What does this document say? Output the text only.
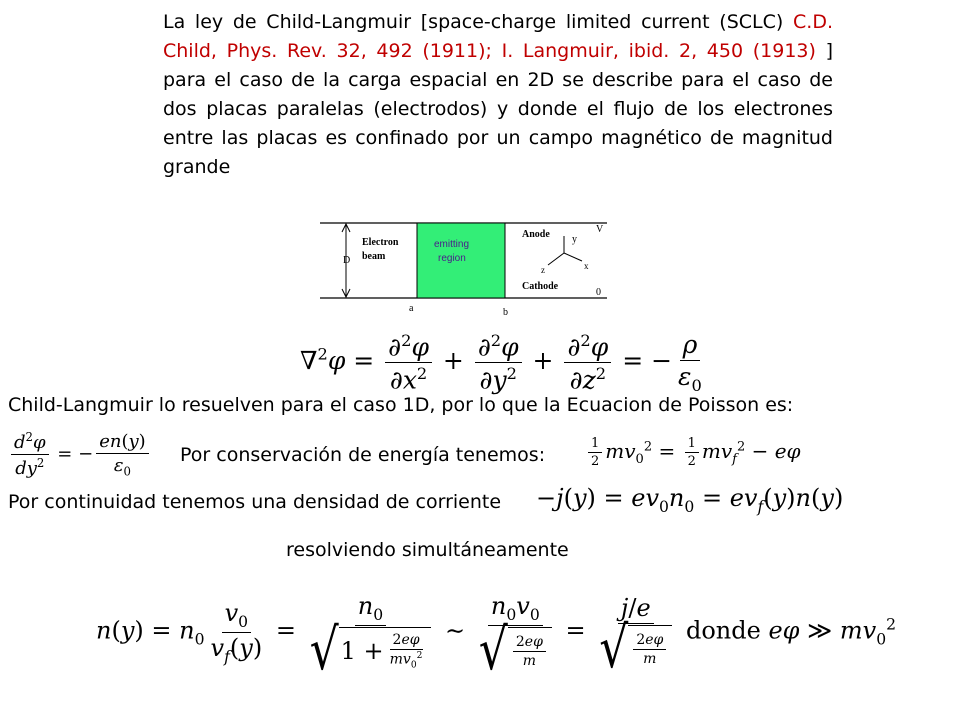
La ley de Child-Langmuir [space-charge limited current (SCLC) C.D. Child, Phys. Rev. 32, 492 (1911); I. Langmuir, ibid. 2, 450 (1913) ] para el caso de la carga espacial en 2D se describe para el caso de dos placas paralelas (electrodos) y donde el flujo de los electrones entre las placas es confinado por un campo magnético de magnitud grande
D
Electron
beam
emitting
region
Anode
Cathode
V
0
a	b
y
x
z
$\nabla^2\varphi = \frac{\partial^2\varphi}{\partial x^2} + \frac{\partial^2\varphi}{\partial y^2} + \frac{\partial^2\varphi}{\partial z^2}$ = − $\frac{\rho}{\varepsilon_0}$
Child-Langmuir lo resuelven para el caso 1D, por lo que la Ecuacion de Poisson es:
$\frac{d^2\varphi}{dy^2}$ = − $\frac{en(y)}{\varepsilon_0}$ Por conservación de energía tenemos:	$\frac{1}{2} mv_0^2 = \frac{1}{2} mv_f^2 - e\varphi$
Por continuidad tenemos una densidad de corriente $-j(y) = ev_0n_0 = ev_f(y)n(y)$
resolviendo simultáneamente
$n(y) = n_0 \frac{v_0}{v_f(y)} = \frac{n_0}{√ 1 + \frac{2e\varphi}{mv_0^2}}$ ∼ $\frac{n_0v_0}{√ \frac{2e\varphi}{m}} = \frac{j/e}{√ \frac{2e\varphi}{m}}$ donde eφ ≫ $mv_0^2$
